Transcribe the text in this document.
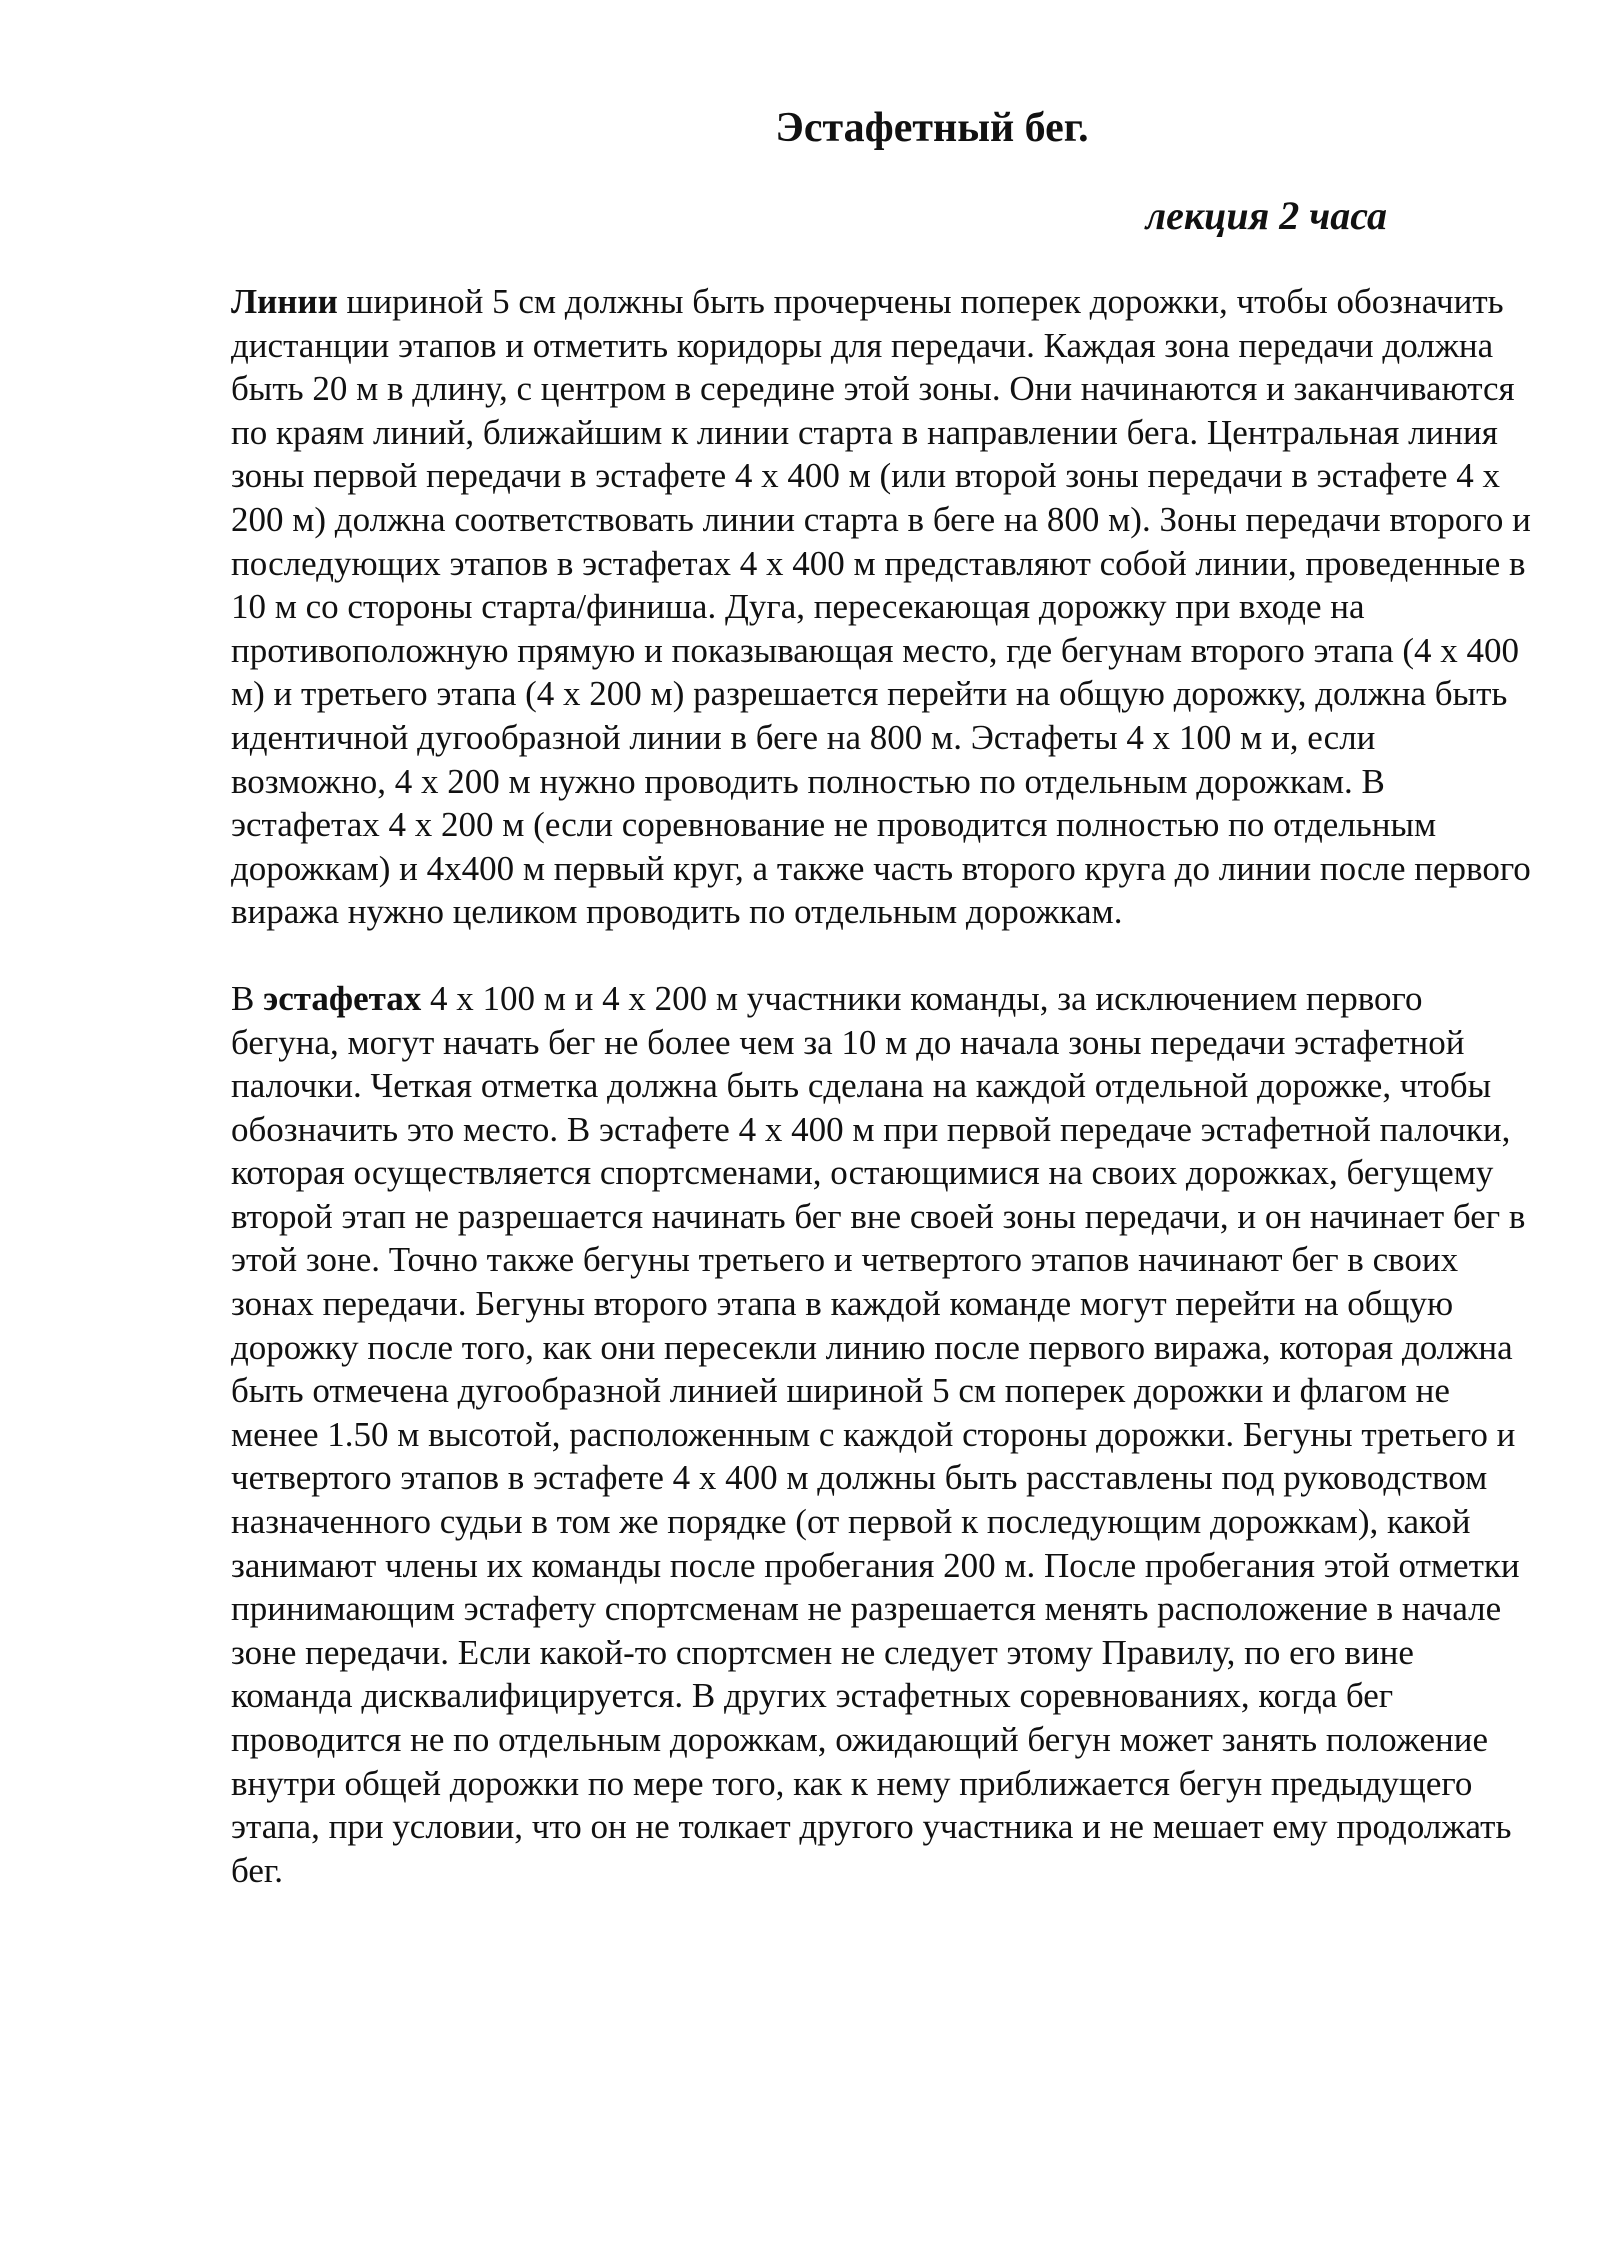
Эстафетный бег.

лекция 2 часа

Линии шириной 5 см должны быть прочерчены поперек дорожки, чтобы обозначить дистанции этапов и отметить коридоры для передачи. Каждая зона передачи должна быть 20 м в длину, с центром в середине этой зоны. Они начинаются и заканчиваются по краям линий, ближайшим к линии старта в направлении бега. Центральная линия зоны первой передачи в эстафете 4 х 400 м (или второй зоны передачи в эстафете 4 х 200 м) должна соответствовать линии старта в беге на 800 м). Зоны передачи второго и последующих этапов в эстафетах 4 х 400 м представляют собой линии, проведенные в 10 м со стороны старта/финиша. Дуга, пересекающая дорожку при входе на противоположную прямую и показывающая место, где бегунам второго этапа (4 х 400 м) и третьего этапа (4 х 200 м) разрешается перейти на общую дорожку, должна быть идентичной дугообразной линии в беге на 800 м. Эстафеты 4 х 100 м и, если возможно, 4 х 200 м нужно проводить полностью по отдельным дорожкам. В эстафетах 4 х 200 м (если соревнование не проводится полностью по отдельным дорожкам) и 4х400 м первый круг, а также часть второго круга до линии после первого виража нужно целиком проводить по отдельным дорожкам.

В эстафетах 4 х 100 м и 4 х 200 м участники команды, за исключением первого бегуна, могут начать бег не более чем за 10 м до начала зоны передачи эстафетной палочки. Четкая отметка должна быть сделана на каждой отдельной дорожке, чтобы обозначить это место. В эстафете 4 х 400 м при первой передаче эстафетной палочки, которая осуществляется спортсменами, остающимися на своих дорожках, бегущему второй этап не разрешается начинать бег вне своей зоны передачи, и он начинает бег в этой зоне. Точно также бегуны третьего и четвертого этапов начинают бег в своих зонах передачи. Бегуны второго этапа в каждой команде могут перейти на общую дорожку после того, как они пересекли линию после первого виража, которая должна быть отмечена дугообразной линией шириной 5 см поперек дорожки и флагом не менее 1.50 м высотой, расположенным с каждой стороны дорожки. Бегуны третьего и четвертого этапов в эстафете 4 х 400 м должны быть расставлены под руководством назначенного судьи в том же порядке (от первой к последующим дорожкам), какой занимают члены их команды после пробегания 200 м. После пробегания этой отметки принимающим эстафету спортсменам не разрешается менять расположение в начале зоне передачи. Если какой-то спортсмен не следует этому Правилу, по его вине команда дисквалифицируется. В других эстафетных соревнованиях, когда бег проводится не по отдельным дорожкам, ожидающий бегун может занять положение внутри общей дорожки по мере того, как к нему приближается бегун предыдущего этапа, при условии, что он не толкает другого участника и не мешает ему продолжать бег.
